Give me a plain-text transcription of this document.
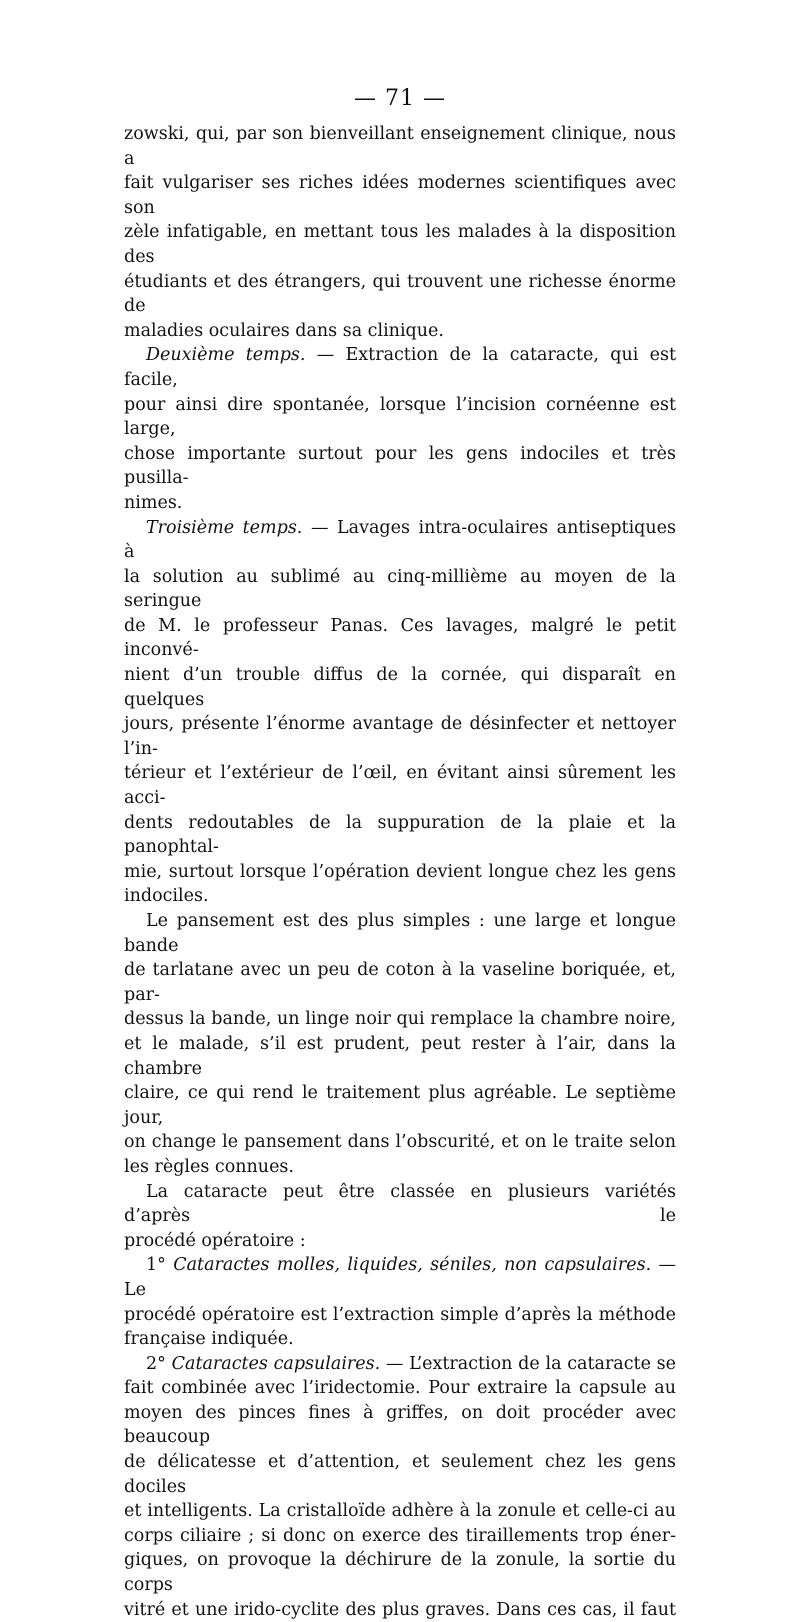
— 71 —

zowski, qui, par son bienveillant enseignement clinique, nous a

fait vulgariser ses riches idées modernes scientifiques avec son

zèle infatigable, en mettant tous les malades à la disposition des

étudiants et des étrangers, qui trouvent une richesse énorme de

maladies oculaires dans sa clinique.

Deuxième temps. — Extraction de la cataracte, qui est facile,

pour ainsi dire spontanée, lorsque l’incision cornéenne est large,

chose importante surtout pour les gens indociles et très pusilla-

nimes.

Troisième temps. — Lavages intra-oculaires antiseptiques à

la solution au sublimé au cinq-millième au moyen de la seringue

de M. le professeur Panas. Ces lavages, malgré le petit inconvé-

nient d’un trouble diffus de la cornée, qui disparaît en quelques

jours, présente l’énorme avantage de désinfecter et nettoyer l’in-

térieur et l’extérieur de l’œil, en évitant ainsi sûrement les acci-

dents redoutables de la suppuration de la plaie et la panophtal-

mie, surtout lorsque l’opération devient longue chez les gens

indociles.

Le pansement est des plus simples : une large et longue bande

de tarlatane avec un peu de coton à la vaseline boriquée, et, par-

dessus la bande, un linge noir qui remplace la chambre noire,

et le malade, s’il est prudent, peut rester à l’air, dans la chambre

claire, ce qui rend le traitement plus agréable. Le septième jour,

on change le pansement dans l’obscurité, et on le traite selon

les règles connues.

La cataracte peut être classée en plusieurs variétés d’après le

procédé opératoire :

1° Cataractes molles, liquides, séniles, non capsulaires. — Le

procédé opératoire est l’extraction simple d’après la méthode

française indiquée.

2° Cataractes capsulaires. — L’extraction de la cataracte se

fait combinée avec l’iridectomie. Pour extraire la capsule au

moyen des pinces fines à griffes, on doit procéder avec beaucoup

de délicatesse et d’attention, et seulement chez les gens dociles

et intelligents. La cristalloïde adhère à la zonule et celle-ci au

corps ciliaire ; si donc on exerce des tiraillements trop éner-

giques, on provoque la déchirure de la zonule, la sortie du corps

vitré et une irido-cyclite des plus graves. Dans ces cas, il faut
